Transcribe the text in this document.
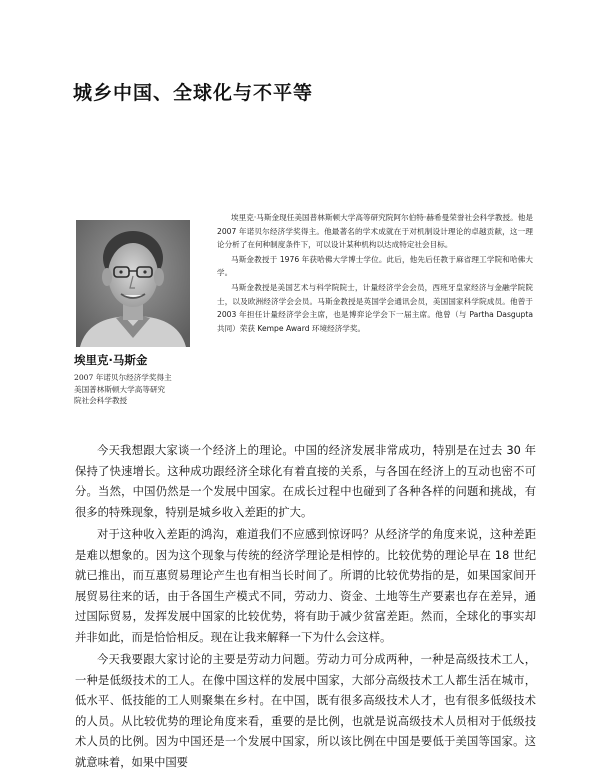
城乡中国、全球化与不平等
埃里克·马斯金
2007 年诺贝尔经济学奖得主
美国普林斯顿大学高等研究
院社会科学教授

埃里克·马斯金现任美国普林斯顿大学高等研究院阿尔伯特·赫希曼荣誉社会科学教授。他是 2007 年诺贝尔经济学奖得主。他最著名的学术成就在于对机制设计理论的卓越贡献，这一理论分析了在何种制度条件下，可以设计某种机构以达成特定社会目标。

马斯金教授于 1976 年获哈佛大学博士学位。此后，他先后任教于麻省理工学院和哈佛大学。

马斯金教授是美国艺术与科学院院士，计量经济学会会员，西班牙皇家经济与金融学院院士，以及欧洲经济学会会员。马斯金教授是英国学会通讯会员，美国国家科学院成员。他曾于 2003 年担任计量经济学会主席，也是博弈论学会下一届主席。他曾（与 Partha Dasgupta 共同）荣获 Kempe Award 环境经济学奖。

今天我想跟大家谈一个经济上的理论。中国的经济发展非常成功，特别是在过去 30 年保持了快速增长。这种成功跟经济全球化有着直接的关系，与各国在经济上的互动也密不可分。当然，中国仍然是一个发展中国家。在成长过程中也碰到了各种各样的问题和挑战，有很多的特殊现象，特别是城乡收入差距的扩大。

对于这种收入差距的鸿沟，难道我们不应感到惊讶吗？从经济学的角度来说，这种差距是难以想象的。因为这个现象与传统的经济学理论是相悖的。比较优势的理论早在 18 世纪就已推出，而互惠贸易理论产生也有相当长时间了。所谓的比较优势指的是，如果国家间开展贸易往来的话，由于各国生产模式不同，劳动力、资金、土地等生产要素也存在差异，通过国际贸易，发挥发展中国家的比较优势，将有助于减少贫富差距。然而，全球化的事实却并非如此，而是恰恰相反。现在让我来解释一下为什么会这样。

今天我要跟大家讨论的主要是劳动力问题。劳动力可分成两种，一种是高级技术工人，一种是低级技术的工人。在像中国这样的发展中国家，大部分高级技术工人都生活在城市，低水平、低技能的工人则聚集在乡村。在中国，既有很多高级技术人才，也有很多低级技术的人员。从比较优势的理论角度来看，重要的是比例，也就是说高级技术人员相对于低级技术人员的比例。因为中国还是一个发展中国家，所以该比例在中国是要低于美国等国家。这就意味着，如果中国要
